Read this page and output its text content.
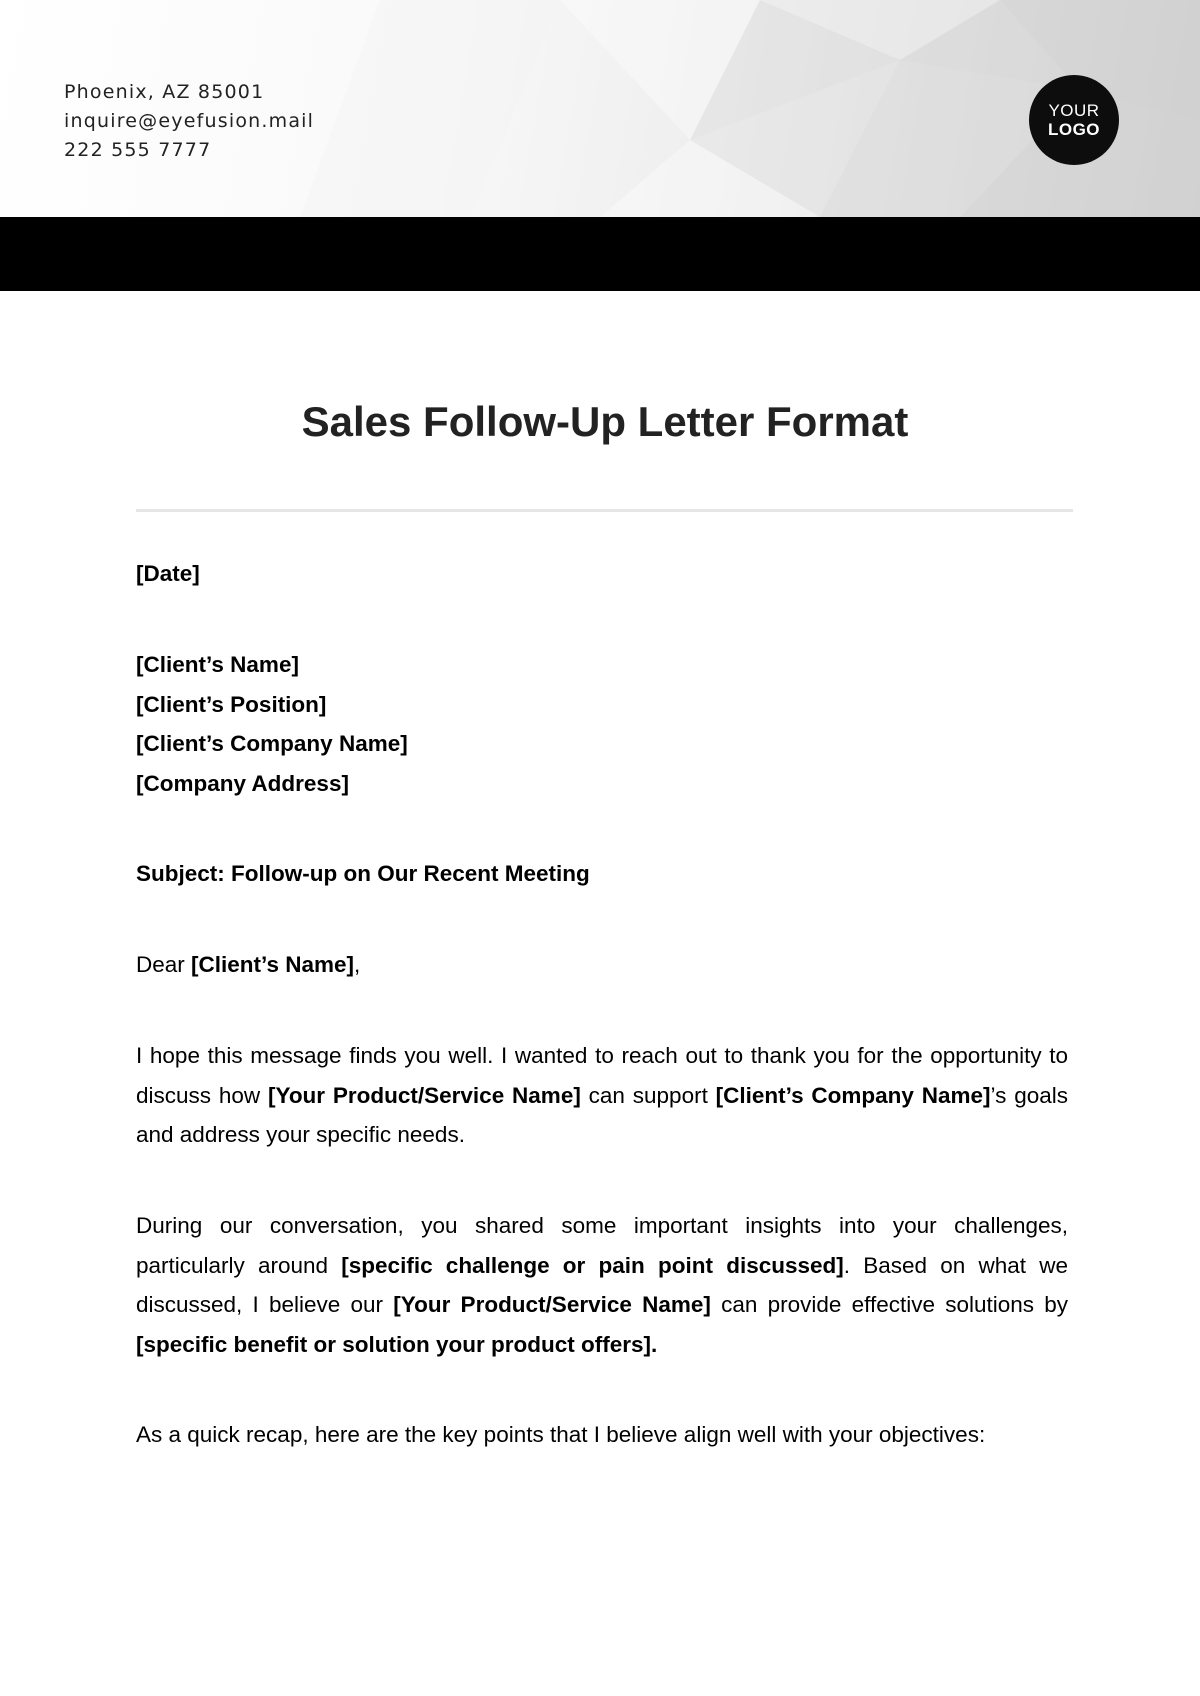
Phoenix, AZ 85001
inquire@eyefusion.mail
222 555 7777
YOUR
LOGO
Sales Follow-Up Letter Format
[Date]

[Client’s Name]

[Client’s Position]

[Client’s Company Name]

[Company Address]

Subject: Follow-up on Our Recent Meeting
Dear [Client’s Name],
I hope this message finds you well. I wanted to reach out to thank you for the opportunity to discuss how [Your Product/Service Name] can support [Client’s Company Name]’s goals and address your specific needs.
During our conversation, you shared some important insights into your challenges, particularly around [specific challenge or pain point discussed]. Based on what we discussed, I believe our [Your Product/Service Name] can provide effective solutions by [specific benefit or solution your product offers].
As a quick recap, here are the key points that I believe align well with your objectives:
